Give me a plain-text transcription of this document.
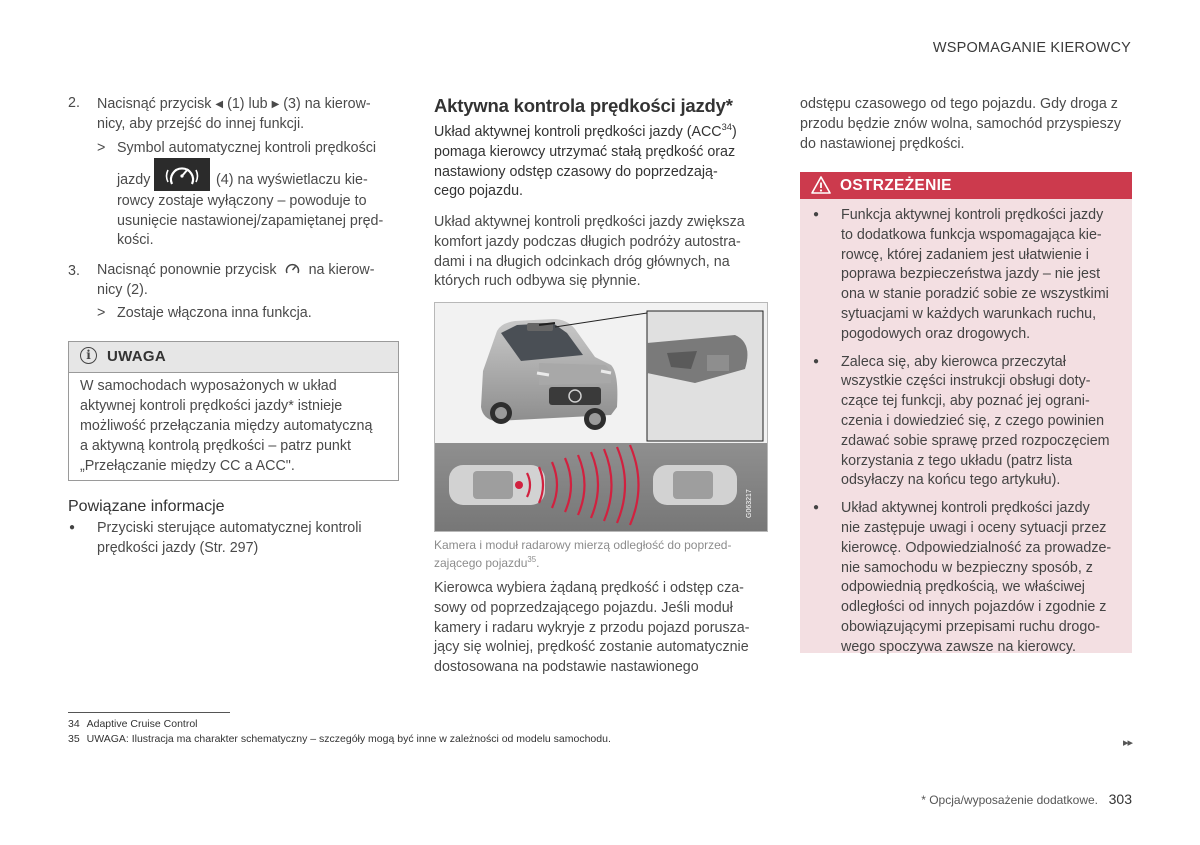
WSPOMAGANIE KIEROWCY
2. Nacisnąć przycisk ◀ (1) lub ▶ (3) na kierow-
nicy, aby przejść do innej funkcji.
> Symbol automatycznej kontroli prędkości
jazdy	(4) na wyświetlaczu kie-
rowcy zostaje wyłączony – powoduje to
usunięcie nastawionej/zapamiętanej pręd-
kości.
3. Nacisnąć ponownie przycisk na kierow-
nicy (2).
> Zostaje włączona inna funkcja.
i	UWAGA
W samochodach wyposażonych w układ
aktywnej kontroli prędkości jazdy* istnieje
możliwość przełączania między automatyczną
a aktywną kontrolą prędkości – patrz punkt
„Przełączanie między CC a ACC".
Powiązane informacje
● Przyciski sterujące automatycznej kontroli
prędkości jazdy (Str. 297)
Aktywna kontrola prędkości jazdy*
Układ aktywnej kontroli prędkości jazdy (ACC$^{34}$)
pomaga kierowcy utrzymać stałą prędkość oraz
nastawiony odstęp czasowy do poprzedzają-
cego pojazdu.
Układ aktywnej kontroli prędkości jazdy zwiększa
komfort jazdy podczas długich podróży autostra-
dami i na długich odcinkach dróg głównych, na
których ruch odbywa się płynnie.
G063217
Kamera i moduł radarowy mierzą odległość do poprzed-
zającego pojazdu$^{35}$.
Kierowca wybiera żądaną prędkość i odstęp cza-
sowy od poprzedzającego pojazdu. Jeśli moduł
kamery i radaru wykryje z przodu pojazd porusza-
jący się wolniej, prędkość zostanie automatycznie
dostosowana na podstawie nastawionego
odstępu czasowego od tego pojazdu. Gdy droga z
przodu będzie znów wolna, samochód przyspieszy
do nastawionej prędkości.
OSTRZEŻENIE
● Funkcja aktywnej kontroli prędkości jazdy
to dodatkowa funkcja wspomagająca kie-
rowcę, której zadaniem jest ułatwienie i
poprawa bezpieczeństwa jazdy – nie jest
ona w stanie poradzić sobie ze wszystkimi
sytuacjami w każdych warunkach ruchu,
pogodowych oraz drogowych.
● Zaleca się, aby kierowca przeczytał
wszystkie części instrukcji obsługi doty-
czące tej funkcji, aby poznać jej ograni-
czenia i dowiedzieć się, z czego powinien
zdawać sobie sprawę przed rozpoczęciem
korzystania z tego układu (patrz lista
odsyłaczy na końcu tego artykułu).
● Układ aktywnej kontroli prędkości jazdy
nie zastępuje uwagi i oceny sytuacji przez
kierowcę. Odpowiedzialność za prowadze-
nie samochodu w bezpieczny sposób, z
odpowiednią prędkością, we właściwej
odległości od innych pojazdów i zgodnie z
obowiązującymi przepisami ruchu drogo-
wego spoczywa zawsze na kierowcy.
34 Adaptive Cruise Control
35 UWAGA: Ilustracja ma charakter schematyczny – szczegóły mogą być inne w zależności od modelu samochodu.	▸▸
* Opcja/wyposażenie dodatkowe. 303
